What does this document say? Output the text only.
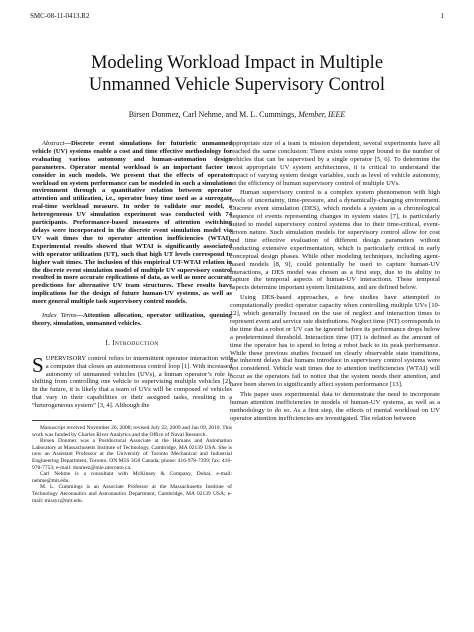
SMC-08-11-0413.R2	1
Modeling Workload Impact in Multiple
Unmanned Vehicle Supervisory Control
Birsen Donmez, Carl Nehme, and M. L. Cummings, Member, IEEE

Abstract—Discrete event simulations for futuristic unmanned vehicle (UV) systems enable a cost and time effective methodology for evaluating various autonomy and human-automation design parameters. Operator mental workload is an important factor to consider in such models. We present that the effects of operator workload on system performance can be modeled in such a simulation environment through a quantitative relation between operator attention and utilization, i.e., operator busy time used as a surrogate real-time workload measure. In order to validate our model, a heterogeneous UV simulation experiment was conducted with 74 participants. Performance-based measures of attention switching delays were incorporated in the discrete event simulation model via UV wait times due to operator attention inefficiencies (WTAI). Experimental results showed that WTAI is significantly associated with operator utilization (UT), such that high UT levels correspond to higher wait times. The inclusion of this empirical UT-WTAI relation in the discrete event simulation model of multiple UV supervisory control resulted in more accurate replications of data, as well as more accurate predictions for alternative UV team structures. These results have implications for the design of future human-UV systems, as well as more general multiple task supervisory control models.

Index Terms—Attention allocation, operator utilization, queuing theory, simulation, unmanned vehicles.

I. INTRODUCTION

SUPERVISORY control refers to intermittent operator interaction with a computer that closes an autonomous control loop [1]. With increased autonomy of unmanned vehicles (UVs), a human operator’s role is shifting from controlling one vehicle to supervising multiple vehicles [2]. In the future, it is likely that a team of UVs will be composed of vehicles that vary in their capabilities or their assigned tasks, resulting in a “heterogeneous system” [3, 4]. Although the

Manuscript received November 26, 2008; revised July 22, 2009 and Jan 09, 2010. This work was funded by Charles River Analytics and the Office of Naval Research.

Birsen Donmez was a Postdoctoral Associate at the Humans and Automation Laboratory at Massachusetts Institute of Technology, Cambridge, MA 02139 USA. She is now an Assistant Professor at the University of Toronto Mechanical and Industrial Engineering Department, Toronto, ON M5S 3G8 Canada; phone: 416-978-7399; fax: 416-978-7753; e-mail: donmez@mie.utoronto.ca.

Carl Nehme is a consultant with McKinsey & Company, Dubai, e-mail: nehme@mit.edu.

M. L. Cummings is an Associate Professor at the Massachusetts Institute of Technology Aeronautics and Astronautics Department, Cambridge, MA 02139 USA; e-mail: missyc@mit.edu.

appropriate size of a team is mission dependent, several experiments have all reached the same conclusion: There exists some upper bound to the number of vehicles that can be supervised by a single operator [5, 6]. To determine the most appropriate UV system architectures, it is critical to understand the impact of varying system design variables, such as level of vehicle autonomy, on the efficiency of human supervisory control of multiple UVs.

Human supervisory control is a complex system phenomenon with high levels of uncertainty, time-pressure, and a dynamically-changing environment. Discrete event simulation (DES), which models a system as a chronological sequence of events representing changes in system states [7], is particularly suited to model supervisory control systems due to their time-critical, event-driven nature. Such simulation models for supervisory control allow for cost and time effective evaluation of different design parameters without conducting extensive experimentation, which is particularly critical in early conceptual design phases. While other modeling techniques, including agent-based models [8, 9], could potentially be used to capture human-UV interactions, a DES model was chosen as a first step, due to its ability to capture the temporal aspects of human-UV interactions. These temporal aspects determine important system limitations, and are defined below.

Using DES-based approaches, a few studies have attempted to computationally predict operator capacity when controlling multiple UVs [10-12], which generally focused on the use of neglect and interaction times to represent event and service rate distributions. Neglect time (NT) corresponds to the time that a robot or UV can be ignored before its performance drops below a predetermined threshold. Interaction time (IT) is defined as the amount of time the operator has to spend to bring a robot back to its peak performance. While these previous studies focused on clearly observable state transitions, the inherent delays that humans introduce in supervisory control systems were not considered. Vehicle wait times due to attention inefficiencies (WTAI) will occur as the operators fail to notice that the system needs their attention, and have been shown to significantly affect system performance [13].

This paper uses experimental data to demonstrate the need to incorporate human attention inefficiencies in models of human-UV systems, as well as a methodology to do so. As a first step, the effects of mental workload on UV operator attention inefficiencies are investigated. The relation between
